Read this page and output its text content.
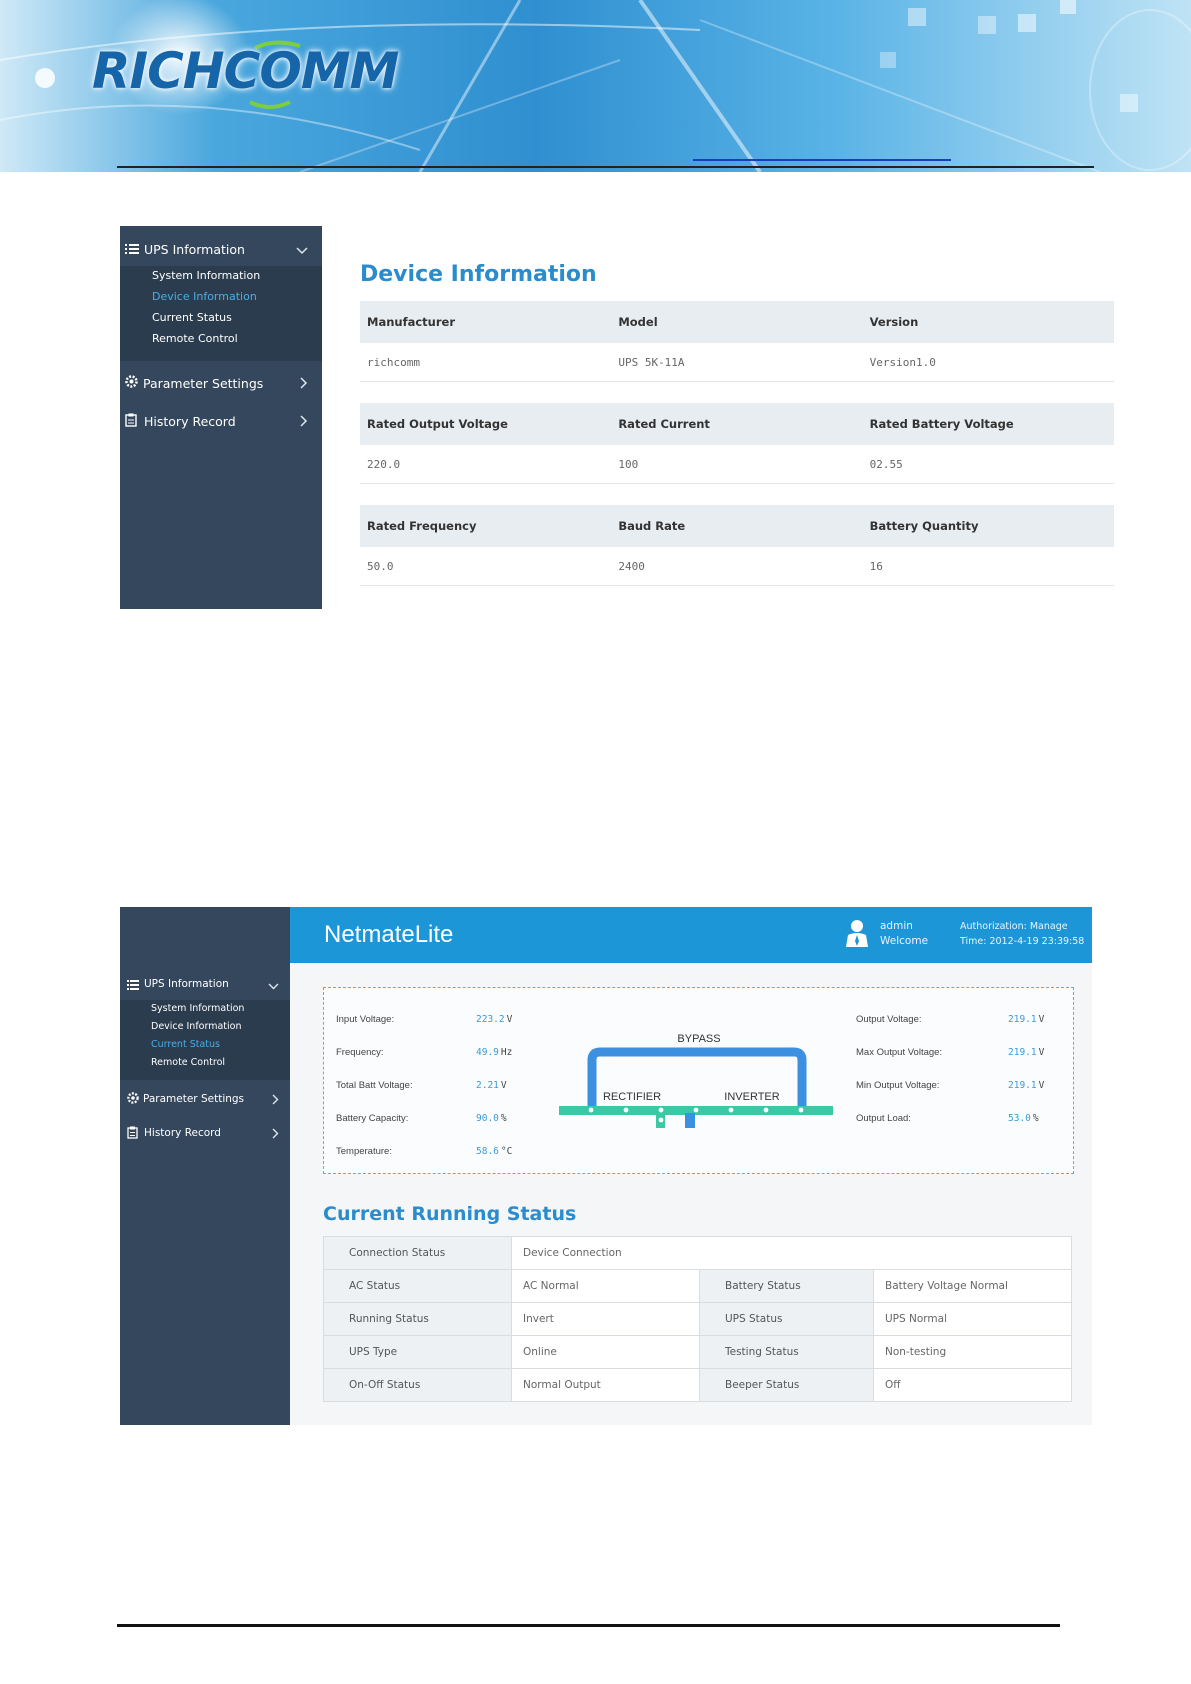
RICHCOMM
UPS Information
System Information
Device Information
Current Status
Remote Control
Parameter Settings
History Record
Device Information
Manufacturer	Model	Version
richcomm	UPS 5K-11A	Version1.0
Rated Output Voltage	Rated Current	Rated Battery Voltage
220.0	100	02.55
Rated Frequency	Baud Rate	Battery Quantity
50.0	2400	16
UPS Information
System Information
Device Information
Current Status
Remote Control
Parameter Settings
History Record
NetmateLite	admin
Welcome
Authorization: Manage
Time: 2012-4-19 23:39:58
Input Voltage:	223.2 V
Frequency:	49.9 Hz
Total Batt Voltage:	2.21 V
Battery Capacity:	90.0 %
Temperature:	58.6 °C
BYPASS
RECTIFIER	INVERTER
Output Voltage:	219.1 V
Max Output Voltage:	219.1 V
Min Output Voltage:	219.1 V
Output Load:	53.0 %
Current Running Status
Connection Status	Device Connection		
AC Status	AC Normal	Battery Status	Battery Voltage Normal
Running Status	Invert	UPS Status	UPS Normal
UPS Type	Online	Testing Status	Non-testing
On-Off Status	Normal Output	Beeper Status	Off
